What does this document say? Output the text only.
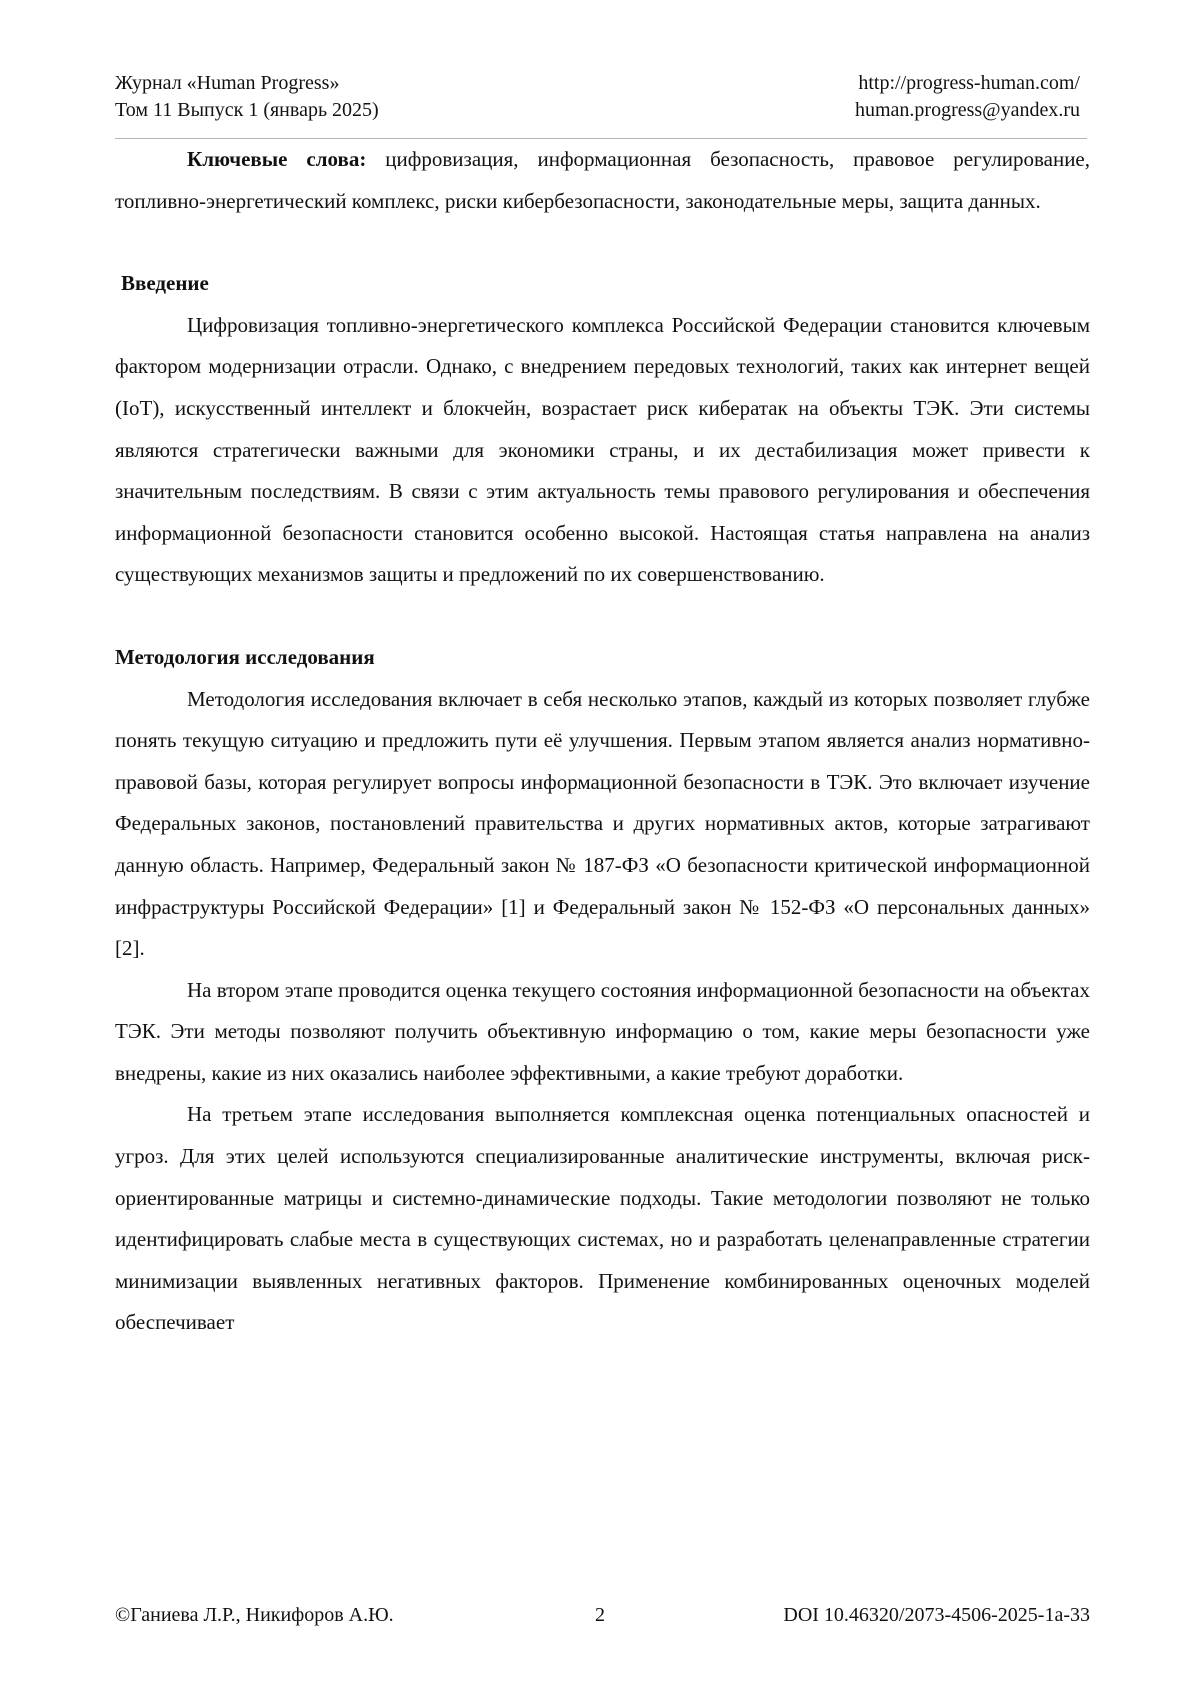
Журнал «Human Progress»	http://progress-human.com/
Том 11 Выпуск 1 (январь 2025)	human.progress@yandex.ru

Ключевые слова: цифровизация, информационная безопасность, правовое регулирование, топливно-энергетический комплекс, риски кибербезопасности, законодательные меры, защита данных.

Введение

Цифровизация топливно-энергетического комплекса Российской Федерации становится ключевым фактором модернизации отрасли. Однако, с внедрением передовых технологий, таких как интернет вещей (IoT), искусственный интеллект и блокчейн, возрастает риск кибератак на объекты ТЭК. Эти системы являются стратегически важными для экономики страны, и их дестабилизация может привести к значительным последствиям. В связи с этим актуальность темы правового регулирования и обеспечения информационной безопасности становится особенно высокой. Настоящая статья направлена на анализ существующих механизмов защиты и предложений по их совершенствованию.

Методология исследования

Методология исследования включает в себя несколько этапов, каждый из которых позволяет глубже понять текущую ситуацию и предложить пути её улучшения. Первым этапом является анализ нормативно-правовой базы, которая регулирует вопросы информационной безопасности в ТЭК. Это включает изучение Федеральных законов, постановлений правительства и других нормативных актов, которые затрагивают данную область. Например, Федеральный закон № 187-ФЗ «О безопасности критической информационной инфраструктуры Российской Федерации» [1] и Федеральный закон № 152-ФЗ «О персональных данных» [2].

На втором этапе проводится оценка текущего состояния информационной безопасности на объектах ТЭК. Эти методы позволяют получить объективную информацию о том, какие меры безопасности уже внедрены, какие из них оказались наиболее эффективными, а какие требуют доработки.

На третьем этапе исследования выполняется комплексная оценка потенциальных опасностей и угроз. Для этих целей используются специализированные аналитические инструменты, включая риск-ориентированные матрицы и системно-динамические подходы. Такие методологии позволяют не только идентифицировать слабые места в существующих системах, но и разработать целенаправленные стратегии минимизации выявленных негативных факторов. Применение комбинированных оценочных моделей обеспечивает

©Ганиева Л.Р., Никифоров А.Ю.	2	DOI 10.46320/2073-4506-2025-1a-33
